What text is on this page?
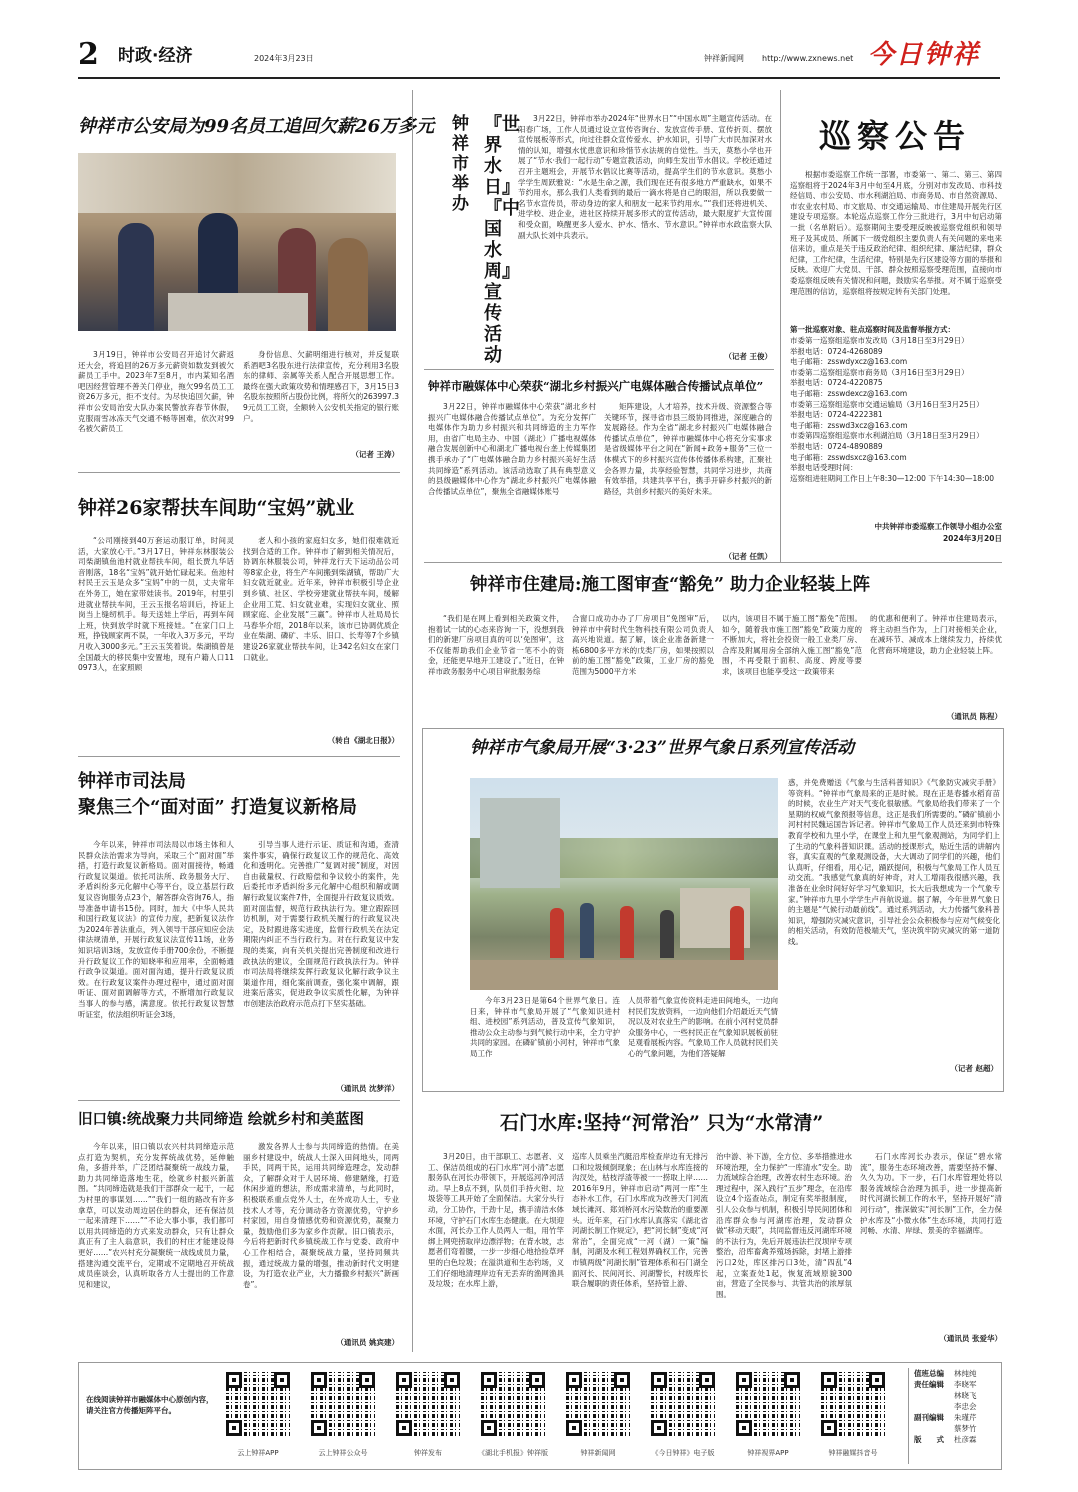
2 时政·经济	2024年3月23日	钟祥新闻网 http://www.zxnews.net 今日钟祥
钟祥市公安局为99名员工追回欠薪26万多元

3月19日，钟祥市公安局召开追讨欠薪返还大会，将追回的26万多元薪资如数发到被欠薪员工手中。2023年7至8月，市内某知名酒吧因经营管理不善关门停业，拖欠99名员工工资26万多元，拒不支付。为尽快追回欠薪，钟祥市公安局治安大队办案民警放弃春节休假，克服雨雪冰冻天气交通不畅等困难，依次对99名被欠薪员工

身份信息、欠薪明细进行核对，并反复联系酒吧3名股东进行法律宣传，充分利用3名股东的律师、亲属等关系人配合开展思想工作。最终在强大政策攻势和情理感召下，3月15日3名股东按照所占股份比例，将所欠的263997.39元员工工资，全额转入公安机关指定的银行账户。

（记者 王涛）
钟祥26家帮扶车间助“宝妈”就业

“公司刚接到40万套运动服订单，时间灵活，大家放心干。”3月17日，钟祥东林服装公司柴湖镇鱼池村就业帮扶车间，组长贾九华话音刚落，18名“宝妈”就开始忙碌起来。鱼池村村民王云玉是众多“宝妈”中的一员，丈夫常年在外务工，她在家带娃读书。2019年，村里引进就业帮扶车间，王云玉报名培训后，持证上岗当上缝纫机手。每天送娃上学后，再到车间上班，快到放学时就下班接娃。“在家门口上班，挣钱顾家两不误，一年收入3万多元，平均月收入3000多元。”王云玉笑着说。柴湖镇曾是全国最大的移民集中安置地，现有户籍人口110973人，在家照顾

老人和小孩的家庭妇女多，她们很难就近找到合适的工作。钟祥市了解到相关情况后，协调东林服装公司，钟祥龙行天下运动品公司等8家企业，将生产车间搬到柴湖镇，帮助广大妇女就近就业。近年来，钟祥市积极引导企业到乡镇、社区、学校旁建就业帮扶车间，缓解企业用工荒、妇女就业难，实现妇女就业、照顾家庭、企业发展“三赢”。钟祥市人社局局长马春华介绍，2018年以来，该市已协调优质企业在柴湖、磷矿、丰乐、旧口、长寿等7个乡镇建设26家就业帮扶车间，让342名妇女在家门口就业。

（转自《湖北日报》）
钟祥市司法局
聚焦三个“面对面” 打造复议新格局

今年以来，钟祥市司法局以市场主体和人民群众法治需求为导向，采取三个“面对面”举措，打造行政复议新格局。面对面接待，畅通行政复议渠道。依托司法所、政务服务大厅、矛盾纠纷多元化解中心等平台，设立基层行政复议咨询服务点23个，解答群众咨询76人，指导准备申请书15份。同时，加大《中华人民共和国行政复议法》的宣传力度，把新复议法作为2024年普法重点，列入领导干部应知应会法律法规清单，开展行政复议法宣传11场，业务知识培训3场，发放宣传手册700余份，不断提升行政复议工作的知晓率和应用率，全面畅通行政争议渠道。面对面沟通，提升行政复议质效。在行政复议案件办理过程中，通过面对面听证、面对面调解等方式，不断增加行政复议当事人的参与感，满意度。依托行政复议智慧听证室，依法组织听证会3场，

引导当事人进行示证、质证和沟通，查清案件事实，确保行政复议工作的规范化、高效化和透明化。完善推广“复调对接”制度，对因自由裁量权、行政赔偿和争议较小的案件，先后委托市矛盾纠纷多元化解中心组织和解或调解行政复议案件7件，全面提升行政复议质效。面对面监督，规范行政执法行为。建立跟踪回访机制，对于需要行政机关履行的行政复议决定，及时跟进落实进度，监督行政机关在法定期限内纠正不当行政行为。对在行政复议中发现的类案，向有关机关提出完善制度和改进行政执法的建议，全面规范行政执法行为。钟祥市司法局将继续发挥行政复议化解行政争议主渠道作用，细化案前调查，强化案中调解，跟进案后落实，促进政争议实质性化解，为钟祥市创建法治政府示范点打下坚实基础。

（通讯员 沈梦洋）
旧口镇:统战聚力共同缔造 绘就乡村和美蓝图

今年以来，旧口镇以农兴村共同缔造示范点打造为契机，充分发挥统战优势，延伸触角，多措并举，广泛团结凝聚统一战线力量，助力共同缔造落地生花，绘就乡村振兴新蓝图。“共同缔造就是我们干部群众一起干，一起为村里的事谋划……”“我们一组的路改有许多拿草，可以发动周边居住的群众，还有保洁员一起来清理下……”“不论大事小事，我们都可以用共同缔造的方式来发动群众，只有让群众真正有了主人翁意识，我们的村庄才能建设得更好……”农兴村充分凝聚统一战线成员力量，搭建沟通交流平台，定期或不定期地召开统战成员座谈会，认真听取各方人士提出的工作意见和建议，

激发各界人士参与共同缔造的热情。在美丽乡村建设中，统战人士深入田间地头，同两手民，同两干民，运用共同缔造理念，发动群众，了解群众对于人居环境、修建陋缘，打造休闲步道的想法，形成需求清单，与此同时，积极联系重点党外人士，在外成功人士，专业技术人才等，充分调动各方资源优势，守护乡村家园，用自身情感优势和资源优势，凝聚力量，鼓励他们多为家乡作贡献。旧口镇表示，今后将把新时代乡镇统战工作与党委、政府中心工作相结合，凝聚统战力量，坚持同频共振，通过统战力量的增强，推动新时代文明建设，为打造农业产业，大力播撒乡村振兴“新画卷”。

（通讯员 姚宾建）
『世界水日』『中国水周』宣传活动
钟祥市举办

3月22日，钟祥市举办2024年“世界水日”“中国水周”主题宣传活动。在阳春广场，工作人员通过设立宣传咨询台、发放宣传手册、宣传折页、摆放宣传展板等形式，向过往群众宣传爱水、护水知识，引导广大市民加深对水情的认知，增强水忧患意识和珍惜节水法规的自觉性。当天，莫愁小学也开展了“节水·我们一起行动”专题宣教活动，向师生发出节水倡议。学校还通过召开主题班会，开展节水倡议比赛等活动，提高学生们的节水意识。莫愁小学学生周跃雅说：“水是生命之源，我们现在还有很多地方严重缺水，如果不节约用水，那么我们人类看到的最后一滴水将是自己的眼泪，所以我要做一名节水宣传员，带动身边的家人和朋友一起来节约用水。”“我们还将进机关、进学校、进企业，进社区持续开展多形式的宣传活动，最大限度扩大宣传面和受众面，唤醒更多人爱水、护水、惜水、节水意识。”钟祥市水政监察大队副大队长刘中兵表示。

（记者 王俊）
钟祥市融媒体中心荣获“湖北乡村振兴广电媒体融合传播试点单位”

3月22日，钟祥市融媒体中心荣获“湖北乡村振兴广电媒体融合传播试点单位”。为充分发挥广电媒体作为助力乡村振兴和共同缔造的主力军作用，由省广电局主办、中国（湖北）广播电视媒体融合发展创新中心和湖北广播电视台垄上传媒集团携手承办了“广电媒体融合助力乡村振兴美好生活共同缔造”系列活动。该活动选取了具有典型意义的县级融媒体中心作为“湖北乡村振兴广电媒体融合传播试点单位”，聚焦全省融媒体账号

矩阵建设，人才培养，技术升级、资源整合等关键环节，探寻省市县三级协同推进，深度融合的发展路径。作为全省“湖北乡村振兴广电媒体融合传播试点单位”，钟祥市融媒体中心将充分实事求是省级媒体平台之间在“新闻+政务+服务”三位一体模式下的乡村振兴宣传体传播体系构建，汇聚社会各界力量，共享经验智慧，共同学习进步，共商有效举措，共建共享平台，携手开辟乡村振兴的新路径，共创乡村振兴的美好未来。

（记者 任凯）
巡察公告

根据市委巡察工作统一部署，市委第一、第二、第三、第四巡察组将于2024年3月中旬至4月底，分别对市发改局、市科技经信局、市公安局、市水利湖泊局、市商务局、市自然资源局、市农业农村局、市文旅局、市交通运输局、市住建局开展先行区建设专项巡察。本轮巡点巡察工作分三批进行，3月中旬启动第一批（名单附后）。巡察期间主要受理反映被巡察党组织和领导班子及其成员、所属下一级党组织主要负责人有关问题的来电来信来访，重点是关于违反政治纪律、组织纪律、廉洁纪律，群众纪律，工作纪律，生活纪律，特别是先行区建设等方面的举报和反映。欢迎广大党员、干部、群众按照巡察受理范围，直接向市委巡察组反映有关情况和问题，鼓励实名举报。对不属于巡察受理范围的信访，巡察组将按规定转有关部门处理。

第一批巡察对象、驻点巡察时间及监督举报方式：
市委第一巡察组巡察市发改局（3月18日至3月29日）
举报电话：0724-4268089
电子邮箱：zsswdyxcz@163.com
市委第二巡察组巡察市商务局（3月16日至3月29日）
举报电话：0724-4220875
电子邮箱：zsswdexcz@163.com
市委第三巡察组巡察市交通运输局（3月16日至3月25日）
举报电话：0724-4222381
电子邮箱：zsswd3xcz@163.com
市委第四巡察组巡察市水利湖泊局（3月18日至3月29日）
举报电话：0724-4890889
电子邮箱：zsswdsxcz@163.com
举报电话受理时间：
巡察组进驻期间工作日上午8:30—12:00 下午14:30—18:00
中共钟祥市委巡察工作领导小组办公室
2024年3月20日
钟祥市住建局:施工图审查“豁免” 助力企业轻装上阵

“我们是在网上看到相关政策文件，抱着试一试的心态来咨询一下，没想到我们的新建厂房项目真的可以‘免图审’，这不仅能帮助我们企业节省一笔不小的资金，还能更早地开工建设了。”近日，在钟祥市政务服务中心项目审批服务综

合窗口成功办办了厂房项目“免图审”后，钟祥市中荷时代生物科技有限公司负责人高兴地说道。据了解，该企业准备新建一栋6800多平方米的戊类厂房，如果按照以前的施工图“豁免”政策，工业厂房的豁免范围为5000平方米

以内，该项目不属于施工图“豁免”范围。如今，随着我市施工图“豁免”政策力度的不断加大，将社会投资一般工业类厂房、合库及附属用房全部纳入施工图“豁免”范围，不再受限于面积、高度、跨度等要求，该项目也能享受这一政策带来

的优惠和便利了。钟祥市住建局表示，将主动担当作为，上门对接相关企业，在减环节、减成本上继续发力，持续优化营商环境建设，助力企业轻装上阵。

（通讯员 陈程）
钟祥市气象局开展“3·23”世界气象日系列宣传活动

今年3月23日是第64个世界气象日。连日来，钟祥市气象局开展了“气象知识进村组、进校园”系列活动，普及宣传气象知识，推动公众主动参与到气候行动中来，全力守护共同的家园。在磷矿镇前小河村，钟祥市气象局工作

人员带着气象宣传资料走进田间地头，一边向村民们发放资料，一边向他们介绍最近天气情况以及对农业生产的影响。在前小河村党员群众服务中心，一些村民正在气象知识展板前驻足观看展板内容。气象局工作人员就村民们关心的气象问题，为他们答疑解

惑，并免费赠送《气象与生活科普知识》《气象防灾减灾手册》等资料。“钟祥市气象局来的正是时候。现在正是春播水稻育苗的时候，农业生产对天气变化很敏感。气象局给我们带来了一个星期的权威气象预报等信息，这正是我们所需要的。”磷矿镇前小河村村民魏运国告诉记者。钟祥市气象局工作人员还来到市特殊教育学校和九里小学，在课堂上和九里气象观测站，为同学们上了生动的气象科普知识课。活动的授课形式，贴近生活的讲解内容，真实直观的气象观测设备，大大调动了同学们的兴趣，他们认真听，仔细看，用心记，踊跃提问，积极与气象局工作人员互动交流。“我感觉气象真的好神奇，对人工增雨我很感兴趣，我准备在业余时间好好学习气象知识，长大后我想成为一个气象专家。”钟祥市九里小学学生卢肖航说道。据了解，今年世界气象日的主题是“气候行动最前线”。通过系列活动，大力传播气象科普知识，增强防灾减灾意识，引导社会公众积极参与应对气候变化的相关活动，有效防范极端天气，坚决筑牢防灾减灾的第一道防线。

（记者 赵超）
石门水库:坚持“河常治” 只为“水常清”

3月20日，由干部职工、志愿者、义工、保洁员组成的石门水库“河小清”志愿服务队在河长办带领下，开展巡河净河活动。早上8点不到，队员们手持火钳、垃圾袋等工具开始了全面保洁。大家分头行动，分工协作，干劲十足，携手清洁水体环境，守护石门水库生态健康。在大坝迎水面，河长办工作人员两人一组，用竹竿绑上网兜捞取岸边漂浮物；在背水坡，志愿者们弯着腰，一步一步细心地拾捡草坪里的白色垃圾；在溢洪道和生态钓场，义工们仔细地清理岸边有无丢弃的渔网渔具及垃圾；在水库上游，

巡库人员乘坐汽艇沿库检查岸边有无排污口和垃圾倾倒现象；在山林与水库连接的沟汊处，枯枝浮渣等被一一捞取上岸……2016年9月，钟祥市启动“两河一库”生态补水工作，石门水库成为改善天门河流域长滩河、郑刘桥河水污染数治的重要源头。近年来，石门水库认真落实《湖北省河湖长制工作规定》，把“河长制”变成“河常治”，全面完成“一河（湖）一策”编制，河湖及水利工程划界确权工作，完善市镇两级“河湖长制”管理体系和石门湖全面河长、民间河长、河湖警长，村级库长联合履职的责任体系，坚持管上游、

治中游、补下游，全方位、多举措推进水环境治理，全力保护“一库清水”安全。助力流域综合治理，改善农村生态环境。治理过程中，深入践行“五步”理念，在沿库设立4个巡查站点，制定有奖举报制度，引人公众参与机制，积极引导民间团体和沿库群众参与河湖库治理，发动群众做“移动天眼”，共同监督违反河湖库环境的不法行为，先后开展违法拦汊坝岸专项整治，沿库畜禽养殖场拆除，封堵上游排污口2处，库区排污口3处，清“四乱”4起，立案查处1起，恢复流域原貌300亩，营造了全民参与、共管共治的浓厚氛围。

石门水库河长办表示，保证“碧水常流”，服务生态环境改善，需要坚持不懈、久久为功。下一步，石门水库管理处将以服务流域综合治理为抓手，进一步提高新时代河湖长制工作的水平，坚持开展好“清河行动”，推深做实“河长制”工作，全力保护水库及“小微水体”生态环境，共同打造河畅、水清、岸绿、景美的幸福湖库。

（通讯员 张爱华）
在线阅读钟祥市融媒体中心原创内容，请关注官方传播矩阵平台。
云上钟祥APP	云上钟祥公众号	钟祥发布	《湖北手机报》钟祥版	钟祥新闻网	《今日钟祥》电子版	钟祥视界APP	钟祥融媒抖音号
值班总编 林纯纯
责任编辑 李晓军
林晓飞
李忠会
副刊编辑 朱瑾芹
蔡梦竹
版　　式 杜彦霖
